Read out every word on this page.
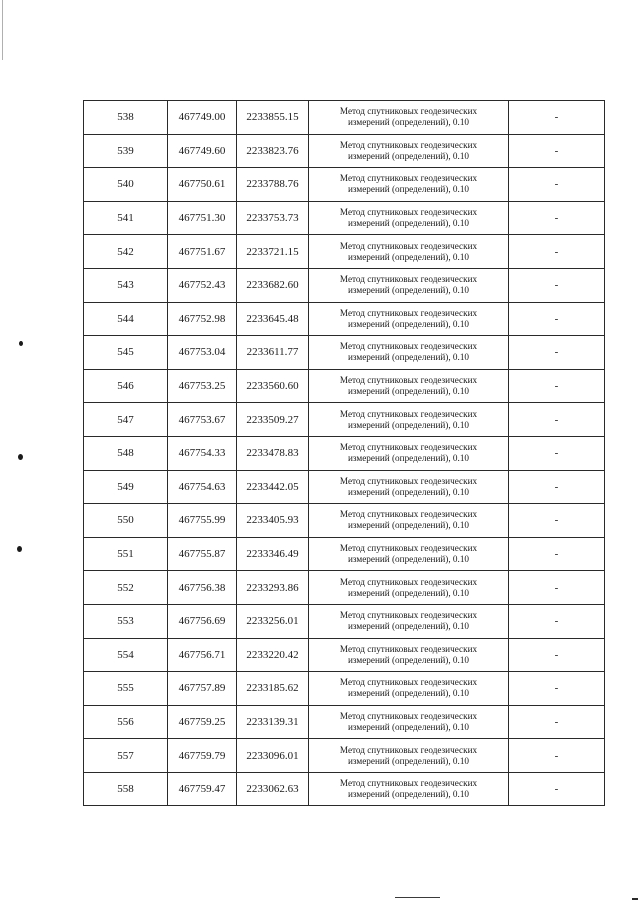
538	467749.00	2233855.15	Метод спутниковых геодезических
измерений (определений), 0.10	-
539	467749.60	2233823.76	Метод спутниковых геодезических
измерений (определений), 0.10	-
540	467750.61	2233788.76	Метод спутниковых геодезических
измерений (определений), 0.10	-
541	467751.30	2233753.73	Метод спутниковых геодезических
измерений (определений), 0.10	-
542	467751.67	2233721.15	Метод спутниковых геодезических
измерений (определений), 0.10	-
543	467752.43	2233682.60	Метод спутниковых геодезических
измерений (определений), 0.10	-
544	467752.98	2233645.48	Метод спутниковых геодезических
измерений (определений), 0.10	-
545	467753.04	2233611.77	Метод спутниковых геодезических
измерений (определений), 0.10	-
546	467753.25	2233560.60	Метод спутниковых геодезических
измерений (определений), 0.10	-
547	467753.67	2233509.27	Метод спутниковых геодезических
измерений (определений), 0.10	-
548	467754.33	2233478.83	Метод спутниковых геодезических
измерений (определений), 0.10	-
549	467754.63	2233442.05	Метод спутниковых геодезических
измерений (определений), 0.10	-
550	467755.99	2233405.93	Метод спутниковых геодезических
измерений (определений), 0.10	-
551	467755.87	2233346.49	Метод спутниковых геодезических
измерений (определений), 0.10	-
552	467756.38	2233293.86	Метод спутниковых геодезических
измерений (определений), 0.10	-
553	467756.69	2233256.01	Метод спутниковых геодезических
измерений (определений), 0.10	-
554	467756.71	2233220.42	Метод спутниковых геодезических
измерений (определений), 0.10	-
555	467757.89	2233185.62	Метод спутниковых геодезических
измерений (определений), 0.10	-
556	467759.25	2233139.31	Метод спутниковых геодезических
измерений (определений), 0.10	-
557	467759.79	2233096.01	Метод спутниковых геодезических
измерений (определений), 0.10	-
558	467759.47	2233062.63	Метод спутниковых геодезических
измерений (определений), 0.10	-
